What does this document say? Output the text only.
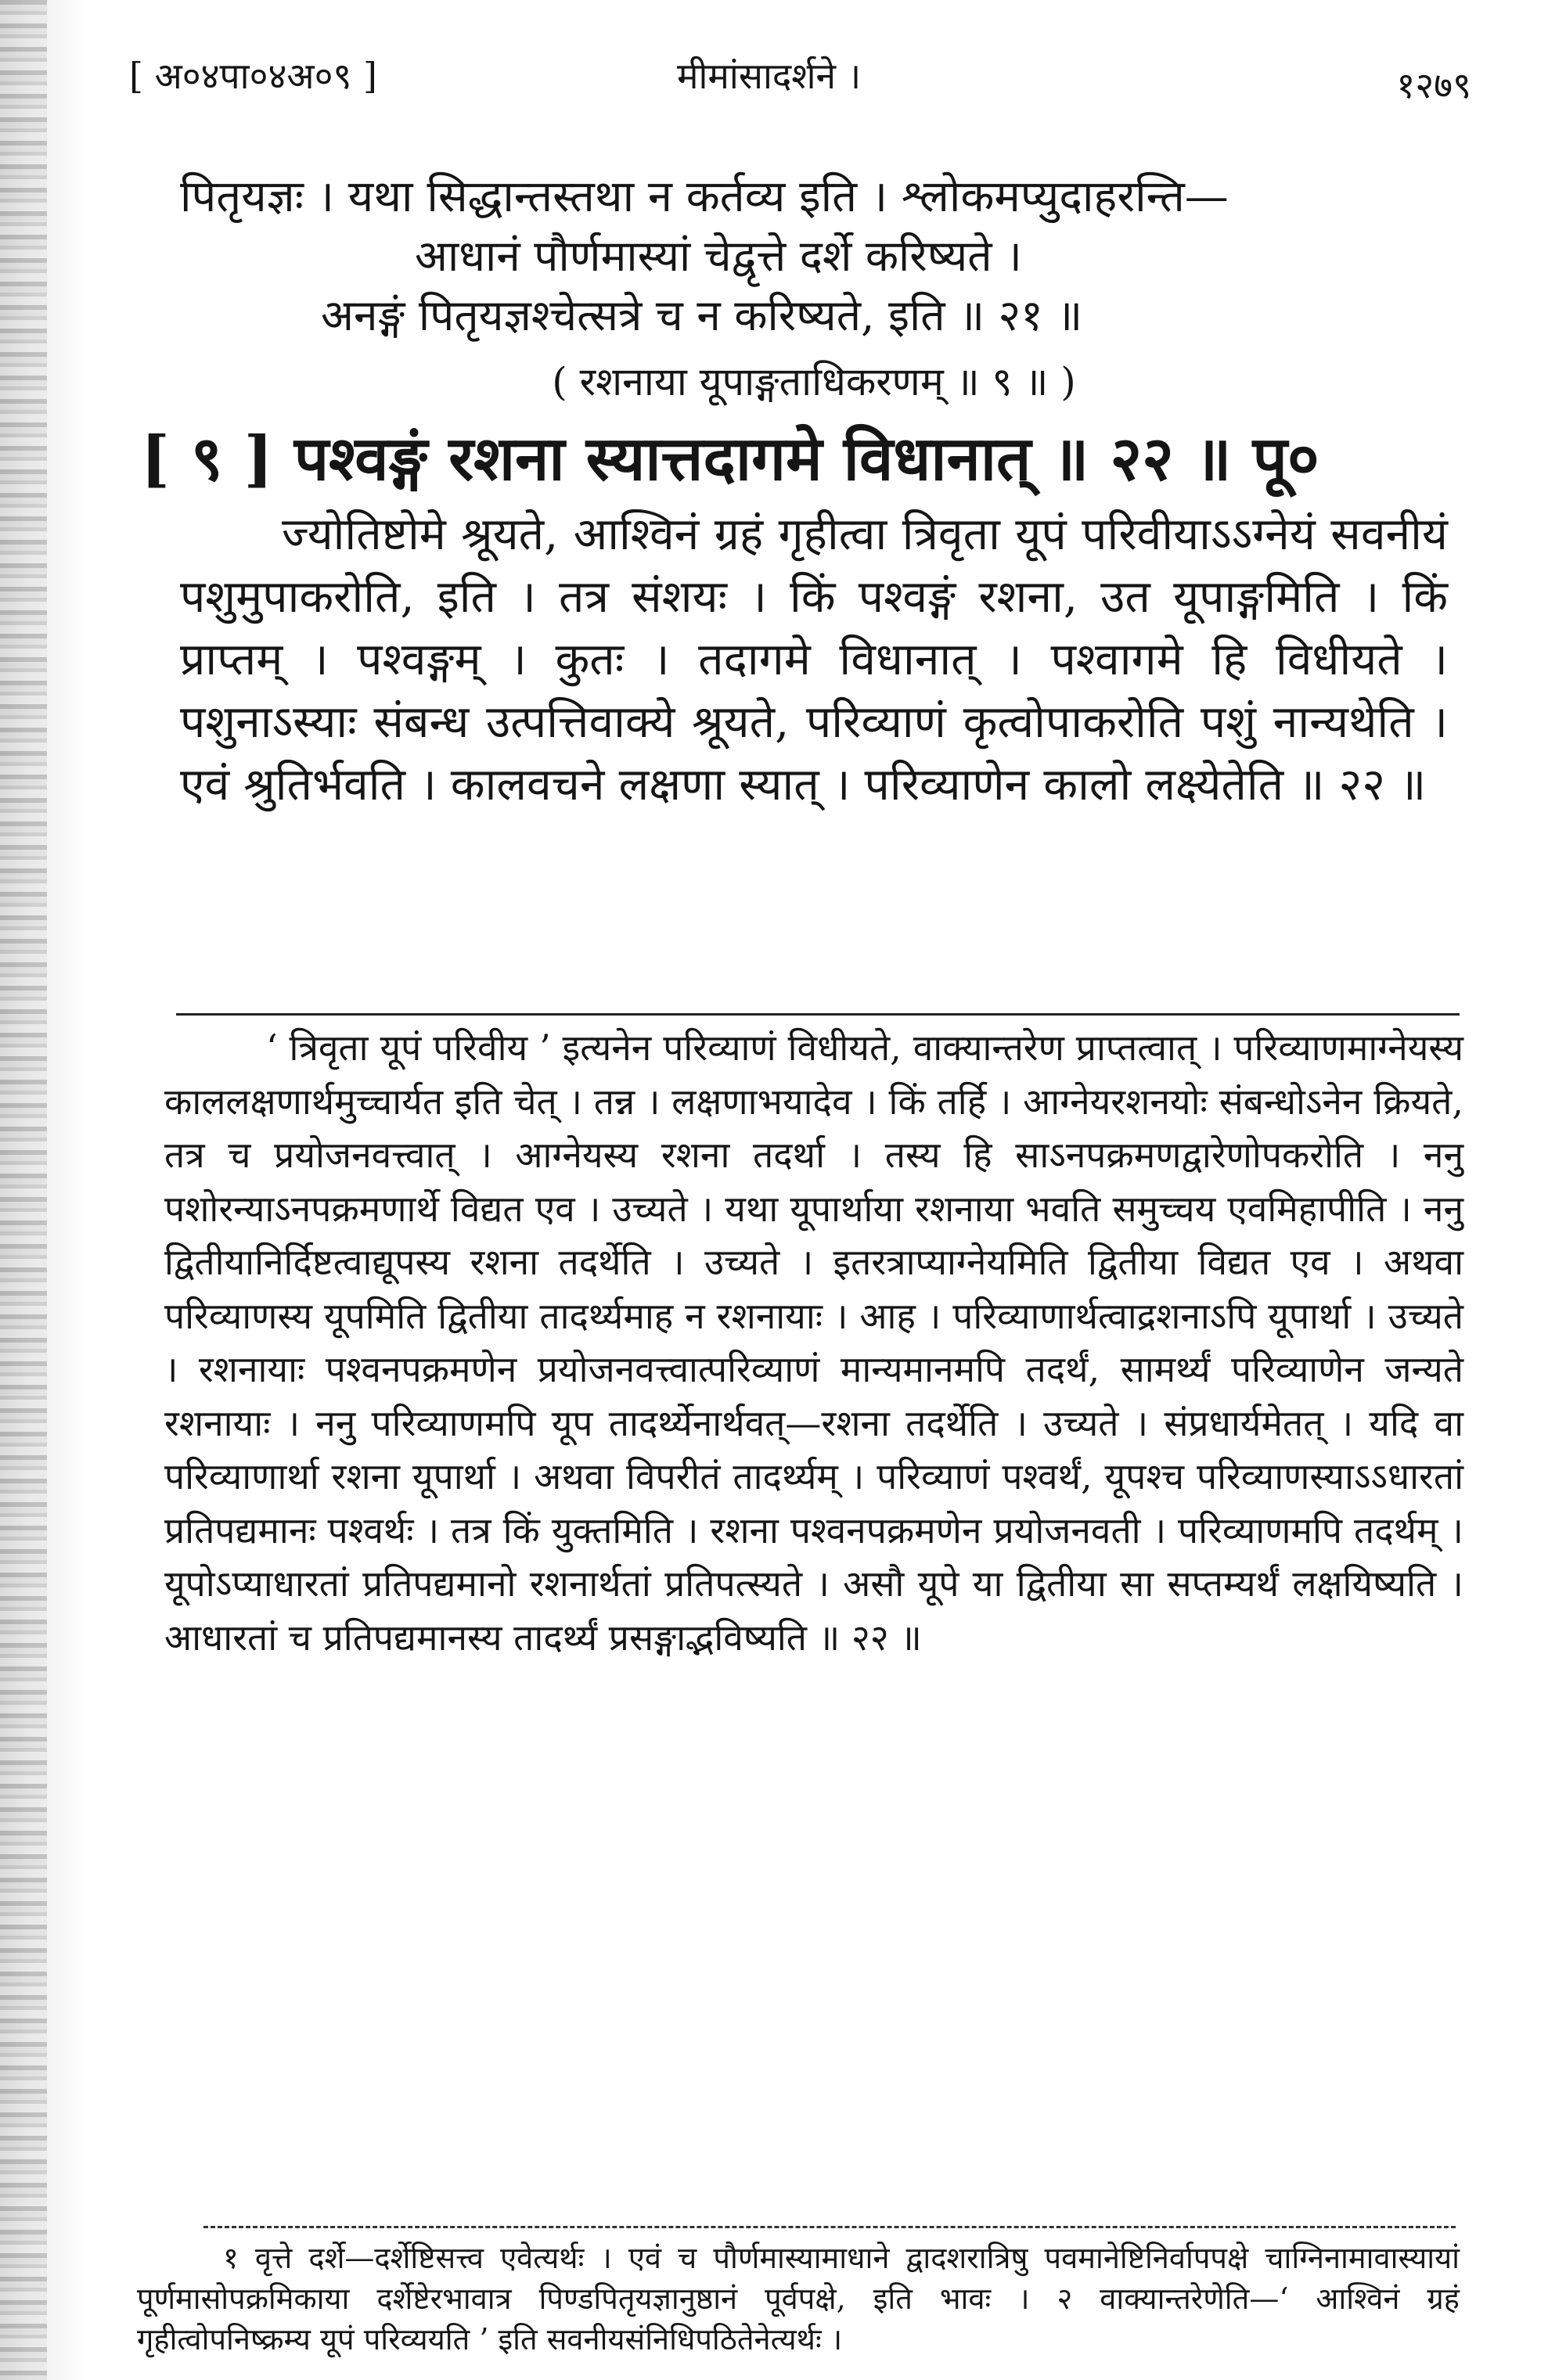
[ अ०४पा०४अ०९ ]	मीमांसादर्शने ।	१२७९
पितृयज्ञः । यथा सिद्धान्तस्तथा न कर्तव्य इति । श्लोकमप्युदाहरन्ति—
आधानं पौर्णमास्यां चेद्वृत्ते दर्शे करिष्यते ।
अनङ्गं पितृयज्ञश्चेत्सत्रे च न करिष्यते, इति ॥ २१ ॥
( रशनाया यूपाङ्गताधिकरणम् ॥ ९ ॥ )
[ ९ ] पश्वङ्गं रशना स्यात्तदागमे विधानात् ॥ २२ ॥ पू०
ज्योतिष्टोमे श्रूयते, आश्विनं ग्रहं गृहीत्वा त्रिवृता यूपं परिवीयाऽऽग्नेयं सवनीयं पशुमुपाकरोति, इति । तत्र संशयः । किं पश्वङ्गं रशना, उत यूपाङ्गमिति । किं प्राप्तम् । पश्वङ्गम् । कुतः । तदागमे विधानात् । पश्वागमे हि विधीयते । पशुनाऽस्याः संबन्ध उत्पत्तिवाक्ये श्रूयते, परिव्याणं कृत्वोपाकरोति पशुं नान्यथेति । एवं श्रुतिर्भवति । कालवचने लक्षणा स्यात् । परिव्याणेन कालो लक्ष्येतेति ॥ २२ ॥

‘ त्रिवृता यूपं परिवीय ’ इत्यनेन परिव्याणं विधीयते, वाक्यान्तरेण प्राप्तत्वात् । परिव्याणमाग्नेयस्य काललक्षणार्थमुच्चार्यत इति चेत् । तन्न । लक्षणाभयादेव । किं तर्हि । आग्नेयरशनयोः संबन्धोऽनेन क्रियते, तत्र च प्रयोजनवत्त्वात् । आग्नेयस्य रशना तदर्था । तस्य हि साऽनपक्रमणद्वारेणोपकरोति । ननु पशोरन्याऽनपक्रमणार्थे विद्यत एव । उच्यते । यथा यूपार्थाया रशनाया भवति समुच्चय एवमिहापीति । ननु द्वितीयानिर्दिष्टत्वाद्यूपस्य रशना तदर्थेति । उच्यते । इतरत्राप्याग्नेयमिति द्वितीया विद्यत एव । अथवा परिव्याणस्य यूपमिति द्वितीया तादर्थ्यमाह न रशनायाः । आह । परिव्याणार्थत्वाद्रशनाऽपि यूपार्था । उच्यते । रशनायाः पश्वनपक्रमणेन प्रयोजनवत्त्वात्परिव्याणं मान्यमानमपि तदर्थं, सामर्थ्यं परिव्याणेन जन्यते रशनायाः । ननु परिव्याणमपि यूप तादर्थ्येनार्थवत्—रशना तदर्थेति । उच्यते । संप्रधार्यमेतत् । यदि वा परिव्याणार्था रशना यूपार्था । अथवा विपरीतं तादर्थ्यम् । परिव्याणं पश्वर्थं, यूपश्च परिव्याणस्याऽऽधारतां प्रतिपद्यमानः पश्वर्थः । तत्र किं युक्तमिति । रशना पश्वनपक्रमणेन प्रयोजनवती । परिव्याणमपि तदर्थम् । यूपोऽप्याधारतां प्रतिपद्यमानो रशनार्थतां प्रतिपत्स्यते । असौ यूपे या द्वितीया सा सप्तम्यर्थं लक्षयिष्यति । आधारतां च प्रतिपद्यमानस्य तादर्थ्यं प्रसङ्गाद्भविष्यति ॥ २२ ॥

१ वृत्ते दर्शे—दर्शेष्टिसत्त्व एवेत्यर्थः । एवं च पौर्णमास्यामाधाने द्वादशरात्रिषु पवमानेष्टिनिर्वापपक्षे चाग्निनामावास्यायां पूर्णमासोपक्रमिकाया दर्शेष्टेरभावात्र पिण्डपितृयज्ञानुष्ठानं पूर्वपक्षे, इति भावः । २ वाक्यान्तरेणेति—‘ आश्विनं ग्रहं गृहीत्वोपनिष्क्रम्य यूपं परिव्ययति ’ इति सवनीयसंनिधिपठितेनेत्यर्थः ।
